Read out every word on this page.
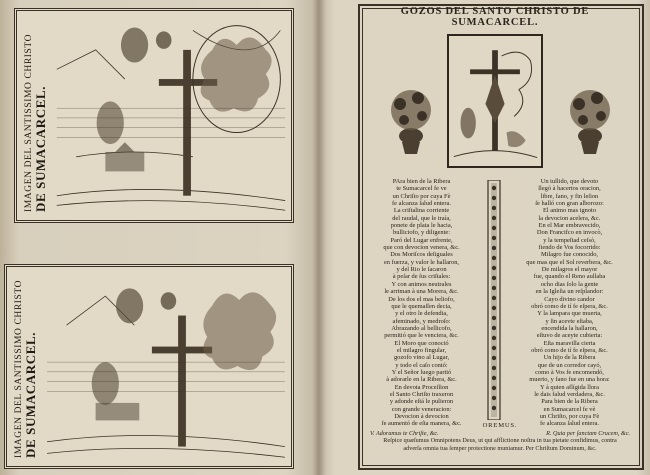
IMAGEN DEL SANTISSIMO CHRISTO DE SUMACARCEL.
IMAGEN DEL SANTISSIMO CHRISTO DE SUMACARCEL.
GOZOS DEL SANTO CHRISTO DE SUMACARCEL.

PAra bien de la Ribera

te Sumacarcel fe ve

un Chriſto por cuya Fè

fe alcanza ſalud entera.

La criſtalina corriente

del raudal, que le traía,

ponete de plata le hacia,

bulliciofo, y diligente:

Paró del Lugar enfrente,

que con devocion venera, &c.

Dos Moriſcos deſiguales

en fuerza, y valor le hallaron,

y del Rio le ſacaron

à peſar de ſus criſtales:

Y con animos neutrales

le arriman à una Morera, &c.

De los dos el mas beliofo,

que le quemaſſen decia,

y el otro le defendia,

afeminado, y medroſo:

Abrazando al bellicofo,

permitió que le venciera, &c.

El Moro que conoció

el milagro fingular,

gozofo vino al Lugar,

y todo el caſo contó:

Y el Señor luego partió

à adorarle en la Ribera, &c.

En devota Proceſſion

el Santo Chriſto traxeron

y adonde eſtá le pulieron

con grande veneracion:

Devocion à devocion

fe aumentó de eſta manera, &c.

Un tullido, que devoto

llegó à hacertos oracion,

libre, fano, y fin leſion

ſe halló con gran alborozo:

El animo mas ignoto

la devocion acelera, &c.

En el Mar embravecido,

Don Francifco en invocò,

y la tempeſtad ceſsò,

fiendo de Vos focorrido:

Milagro fue conocido,

que mas que el Sol reverbera, &c.

De milagros el mayor

fue, quando el Reno aullaba

ocho dias ſolo la gente

en la Igleſia un reſplandor:

Cayo divino candor

obró como de tí fe eſpera, &c.

Y la lampara que muerta,

y ſin acevte eſtaba,

encendida la hallaron,

eſtuvo de aceyte cubierta:

Eſta maravilla cierta

obró como de tí fe eſpera, &c.

Un hijo de la Ribera

que de un corredor cayó,

como à Vos fe encomendó,

muerto, y fano fue en una hora:

Y à quien aflígida llora

le dais falud verdadera, &c.

Para bien de la Ribera

en Sumacarcel fe vè

un Chriſto, por cuya Fè

fe alcanza ſalud entera.

OREMUS.
V. Adoramus te Chriſte, &c.	R. Quia per ſanctam Crucem, &c.
Reſpice quæſumus Omnipotens Deus, ut qui afflictione noſtra in tua pietate confidimus, contra
adverſa omnia tua ſemper protectione muniamur. Per Chriſtum Dominum, &c.
